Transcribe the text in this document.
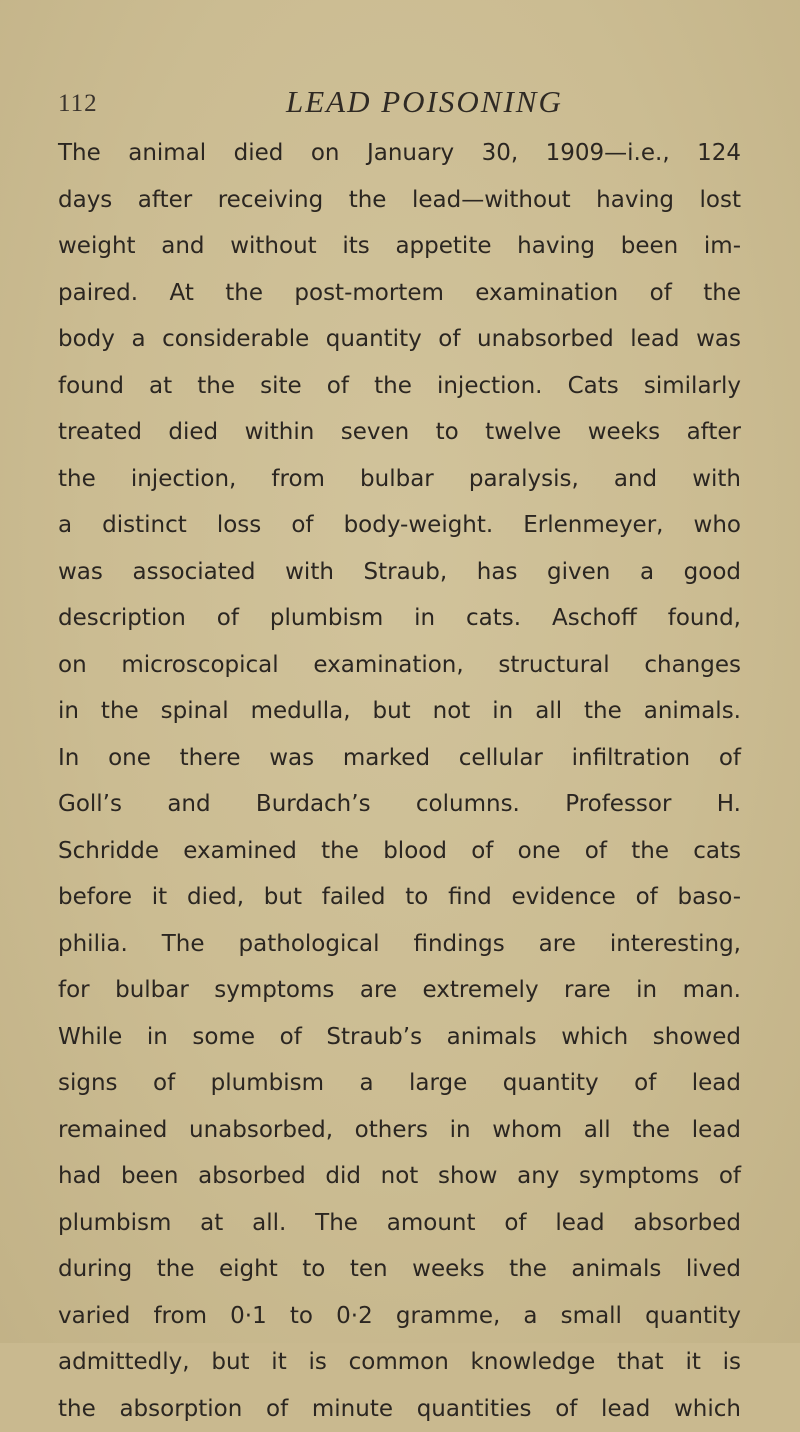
112	LEAD POISONING
The animal died on January 30, 1909—i.e., 124
days after receiving the lead—without having lost
weight and without its appetite having been im-
paired. At the post-mortem examination of the
body a considerable quantity of unabsorbed lead was
found at the site of the injection. Cats similarly
treated died within seven to twelve weeks after
the injection, from bulbar paralysis, and with
a distinct loss of body-weight. Erlenmeyer, who
was associated with Straub, has given a good
description of plumbism in cats. Aschoff found,
on microscopical examination, structural changes
in the spinal medulla, but not in all the animals.
In one there was marked cellular infiltration of
Goll’s and Burdach’s columns. Professor H.
Schridde examined the blood of one of the cats
before it died, but failed to find evidence of baso-
philia. The pathological findings are interesting,
for bulbar symptoms are extremely rare in man.
While in some of Straub’s animals which showed
signs of plumbism a large quantity of lead
remained unabsorbed, others in whom all the lead
had been absorbed did not show any symptoms of
plumbism at all. The amount of lead absorbed
during the eight to ten weeks the animals lived
varied from 0·1 to 0·2 gramme, a small quantity
admittedly, but it is common knowledge that it is
the absorption of minute quantities of lead which
